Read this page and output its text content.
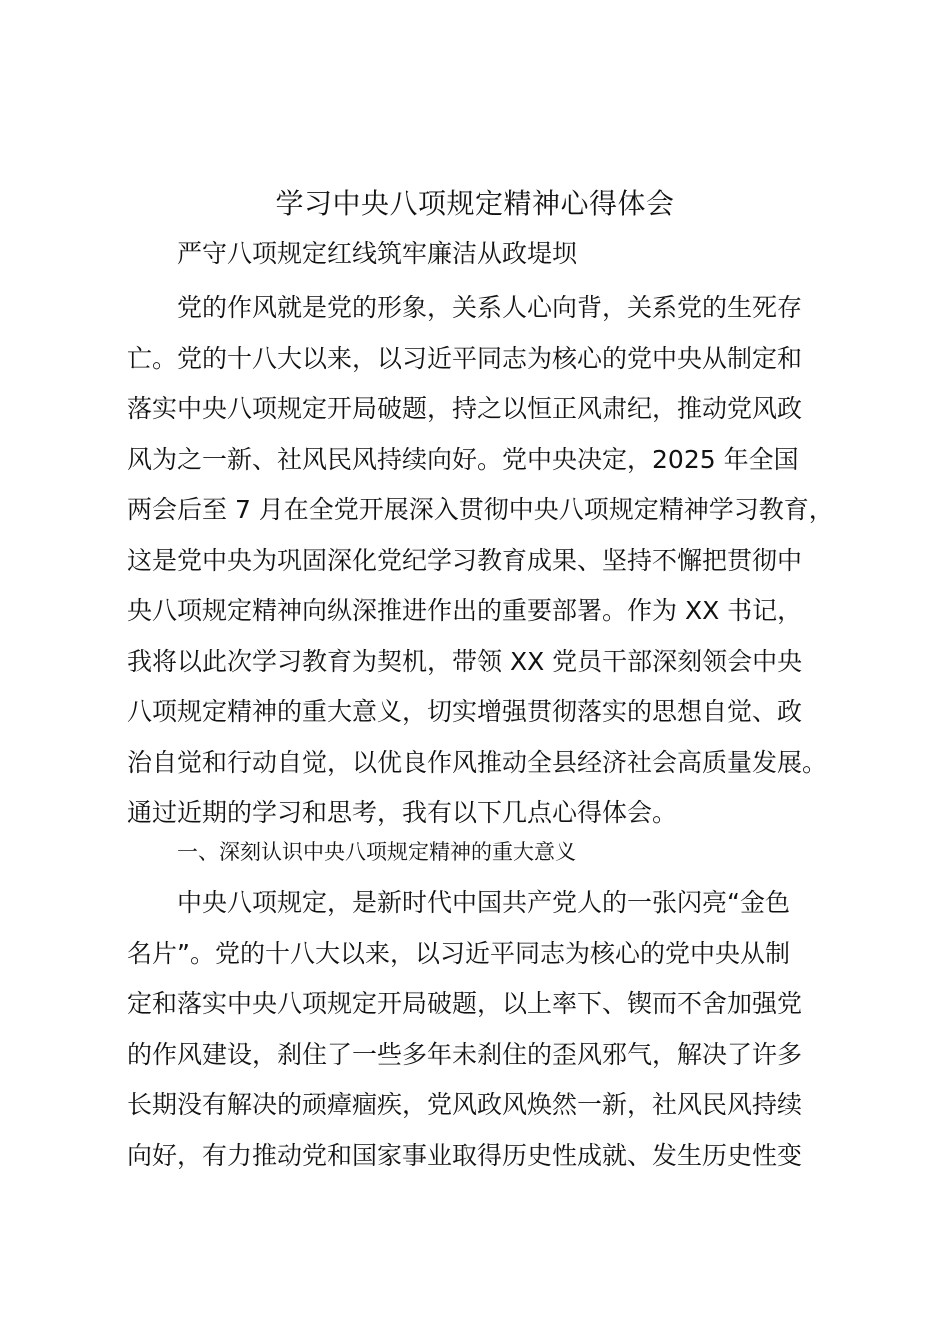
学习中央八项规定精神心得体会

严守八项规定红线筑牢廉洁从政堤坝

党的作风就是党的形象，关系人心向背，关系党的生死存
亡。党的十八大以来，以习近平同志为核心的党中央从制定和
落实中央八项规定开局破题，持之以恒正风肃纪，推动党风政
风为之一新、社风民风持续向好。党中央决定，2025 年全国
两会后至 7 月在全党开展深入贯彻中央八项规定精神学习教育，
这是党中央为巩固深化党纪学习教育成果、坚持不懈把贯彻中
央八项规定精神向纵深推进作出的重要部署。作为 XX 书记，
我将以此次学习教育为契机，带领 XX 党员干部深刻领会中央
八项规定精神的重大意义，切实增强贯彻落实的思想自觉、政
治自觉和行动自觉，以优良作风推动全县经济社会高质量发展。
通过近期的学习和思考，我有以下几点心得体会。
一、深刻认识中央八项规定精神的重大意义
中央八项规定，是新时代中国共产党人的一张闪亮“金色
名片”。党的十八大以来，以习近平同志为核心的党中央从制
定和落实中央八项规定开局破题，以上率下、锲而不舍加强党
的作风建设，刹住了一些多年未刹住的歪风邪气，解决了许多
长期没有解决的顽瘴痼疾，党风政风焕然一新，社风民风持续
向好，有力推动党和国家事业取得历史性成就、发生历史性变
